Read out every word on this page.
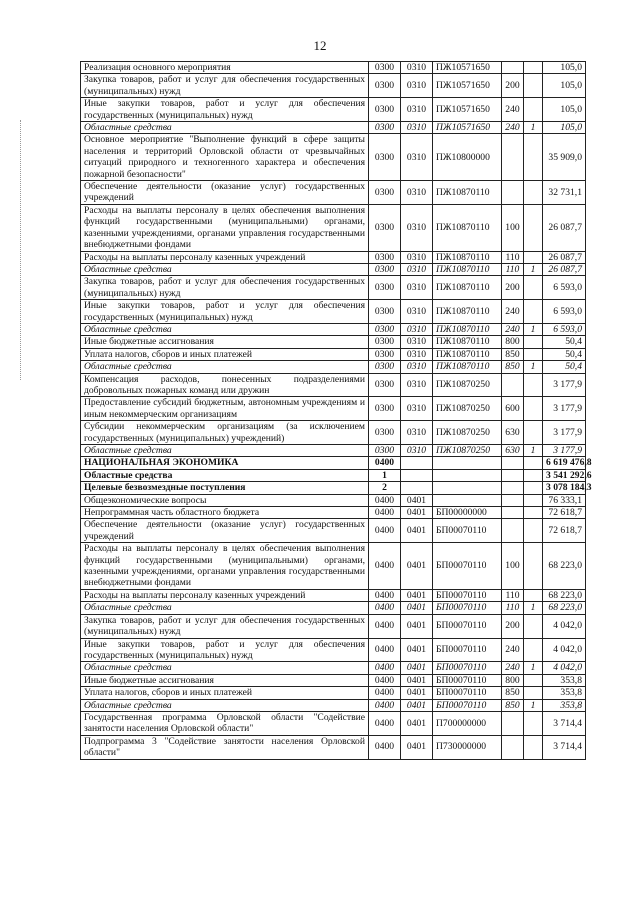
12
Реализация основного мероприятия	0300	0310	ПЖ10571650			105,0
Закупка товаров, работ и услуг для обеспечения государственных (муниципальных) нужд	0300	0310	ПЖ10571650	200		105,0
Иные закупки товаров, работ и услуг для обеспечения государственных (муниципальных) нужд	0300	0310	ПЖ10571650	240		105,0
Областные средства	0300	0310	ПЖ10571650	240	1	105,0
Основное мероприятие "Выполнение функций в сфере защиты населения и территорий Орловской области от чрезвычайных ситуаций природного и техногенного характера и обеспечения пожарной безопасности"	0300	0310	ПЖ10800000			35 909,0
Обеспечение деятельности (оказание услуг) государственных учреждений	0300	0310	ПЖ10870110			32 731,1
Расходы на выплаты персоналу в целях обеспечения выполнения функций государственными (муниципальными) органами, казенными учреждениями, органами управления государственными внебюджетными фондами	0300	0310	ПЖ10870110	100		26 087,7
Расходы на выплаты персоналу казенных учреждений	0300	0310	ПЖ10870110	110		26 087,7
Областные средства	0300	0310	ПЖ10870110	110	1	26 087,7
Закупка товаров, работ и услуг для обеспечения государственных (муниципальных) нужд	0300	0310	ПЖ10870110	200		6 593,0
Иные закупки товаров, работ и услуг для обеспечения государственных (муниципальных) нужд	0300	0310	ПЖ10870110	240		6 593,0
Областные средства	0300	0310	ПЖ10870110	240	1	6 593,0
Иные бюджетные ассигнования	0300	0310	ПЖ10870110	800		50,4
Уплата налогов, сборов и иных платежей	0300	0310	ПЖ10870110	850		50,4
Областные средства	0300	0310	ПЖ10870110	850	1	50,4
Компенсация расходов, понесенных подразделениями добровольных пожарных команд или дружин	0300	0310	ПЖ10870250			3 177,9
Предоставление субсидий бюджетным, автономным учреждениям и иным некоммерческим организациям	0300	0310	ПЖ10870250	600		3 177,9
Субсидии некоммерческим организациям (за исключением государственных (муниципальных) учреждений)	0300	0310	ПЖ10870250	630		3 177,9
Областные средства	0300	0310	ПЖ10870250	630	1	3 177,9
НАЦИОНАЛЬНАЯ ЭКОНОМИКА	0400					6 619 476,8
Областные средства	1					3 541 292,6
Целевые безвозмездные поступления	2					3 078 184,3
Общеэкономические вопросы	0400	0401				76 333,1
Непрограммная часть областного бюджета	0400	0401	БП00000000			72 618,7
Обеспечение деятельности (оказание услуг) государственных учреждений	0400	0401	БП00070110			72 618,7
Расходы на выплаты персоналу в целях обеспечения выполнения функций государственными (муниципальными) органами, казенными учреждениями, органами управления государственными внебюджетными фондами	0400	0401	БП00070110	100		68 223,0
Расходы на выплаты персоналу казенных учреждений	0400	0401	БП00070110	110		68 223,0
Областные средства	0400	0401	БП00070110	110	1	68 223,0
Закупка товаров, работ и услуг для обеспечения государственных (муниципальных) нужд	0400	0401	БП00070110	200		4 042,0
Иные закупки товаров, работ и услуг для обеспечения государственных (муниципальных) нужд	0400	0401	БП00070110	240		4 042,0
Областные средства	0400	0401	БП00070110	240	1	4 042,0
Иные бюджетные ассигнования	0400	0401	БП00070110	800		353,8
Уплата налогов, сборов и иных платежей	0400	0401	БП00070110	850		353,8
Областные средства	0400	0401	БП00070110	850	1	353,8
Государственная программа Орловской области "Содействие занятости населения Орловской области"	0400	0401	П700000000			3 714,4
Подпрограмма 3 "Содействие занятости населения Орловской области"	0400	0401	П730000000			3 714,4
